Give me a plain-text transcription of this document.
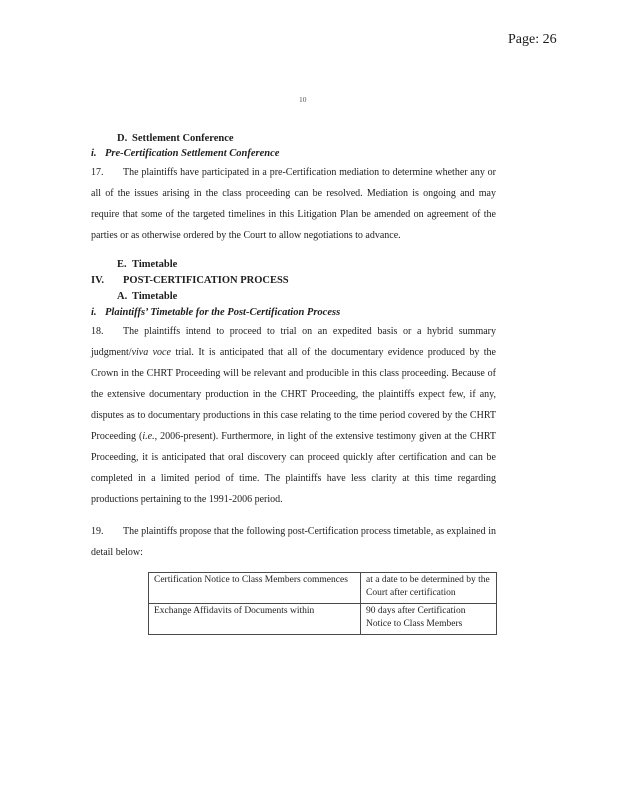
Page: 26
10
D. Settlement Conference
i. Pre-Certification Settlement Conference

17. The plaintiffs have participated in a pre-Certification mediation to determine whether any or all of the issues arising in the class proceeding can be resolved. Mediation is ongoing and may require that some of the targeted timelines in this Litigation Plan be amended on agreement of the parties or as otherwise ordered by the Court to allow negotiations to advance.

E. Timetable
IV. POST-CERTIFICATION PROCESS
A. Timetable
i. Plaintiffs’ Timetable for the Post-Certification Process

18. The plaintiffs intend to proceed to trial on an expedited basis or a hybrid summary judgment/viva voce trial. It is anticipated that all of the documentary evidence produced by the Crown in the CHRT Proceeding will be relevant and producible in this class proceeding. Because of the extensive documentary production in the CHRT Proceeding, the plaintiffs expect few, if any, disputes as to documentary productions in this case relating to the time period covered by the CHRT Proceeding (i.e., 2006-present). Furthermore, in light of the extensive testimony given at the CHRT Proceeding, it is anticipated that oral discovery can proceed quickly after certification and can be completed in a limited period of time. The plaintiffs have less clarity at this time regarding productions pertaining to the 1991-2006 period.

19. The plaintiffs propose that the following post-Certification process timetable, as explained in detail below:

Certification Notice to Class Members commences	at a date to be determined by the Court after certification
Exchange Affidavits of Documents within	90 days after Certification Notice to Class Members
